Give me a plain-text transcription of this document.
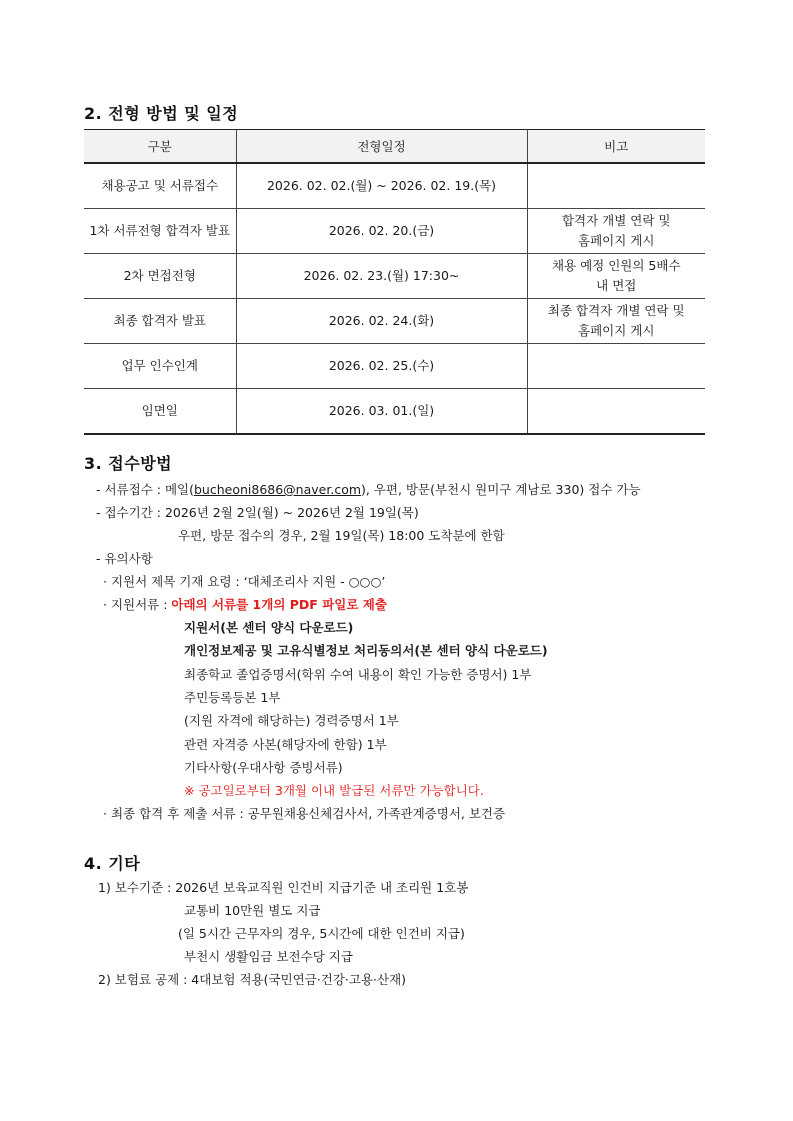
2. 전형 방법 및 일정
구분	전형일정	비고
채용공고 및 서류접수	2026. 02. 02.(월) ~ 2026. 02. 19.(목)	
1차 서류전형 합격자 발표	2026. 02. 20.(금)	합격자 개별 연락 및
홈페이지 게시
2차 면접전형	2026. 02. 23.(월) 17:30~	채용 예정 인원의 5배수
내 면접
최종 합격자 발표	2026. 02. 24.(화)	최종 합격자 개별 연락 및
홈페이지 게시
업무 인수인계	2026. 02. 25.(수)	
임면일	2026. 03. 01.(일)	
3. 접수방법
- 서류접수 : 메일(bucheoni8686@naver.com), 우편, 방문(부천시 원미구 계남로 330) 접수 가능
- 접수기간 : 2026년 2월 2일(월) ~ 2026년 2월 19일(목)
우편, 방문 접수의 경우, 2월 19일(목) 18:00 도착분에 한함
- 유의사항
· 지원서 제목 기재 요령 : ‘대체조리사 지원 - ○○○’
· 지원서류 : 아래의 서류를 1개의 PDF 파일로 제출
지원서(본 센터 양식 다운로드)
개인정보제공 및 고유식별정보 처리동의서(본 센터 양식 다운로드)
최종학교 졸업증명서(학위 수여 내용이 확인 가능한 증명서) 1부
주민등록등본 1부
(지원 자격에 해당하는) 경력증명서 1부
관련 자격증 사본(해당자에 한함) 1부
기타사항(우대사항 증빙서류)
※ 공고일로부터 3개월 이내 발급된 서류만 가능합니다.
· 최종 합격 후 제출 서류 : 공무원채용신체검사서, 가족관계증명서, 보건증
4. 기타
1) 보수기준 : 2026년 보육교직원 인건비 지급기준 내 조리원 1호봉
교통비 10만원 별도 지급
(일 5시간 근무자의 경우, 5시간에 대한 인건비 지급)
부천시 생활임금 보전수당 지급
2) 보험료 공제 : 4대보험 적용(국민연금·건강·고용·산재)
